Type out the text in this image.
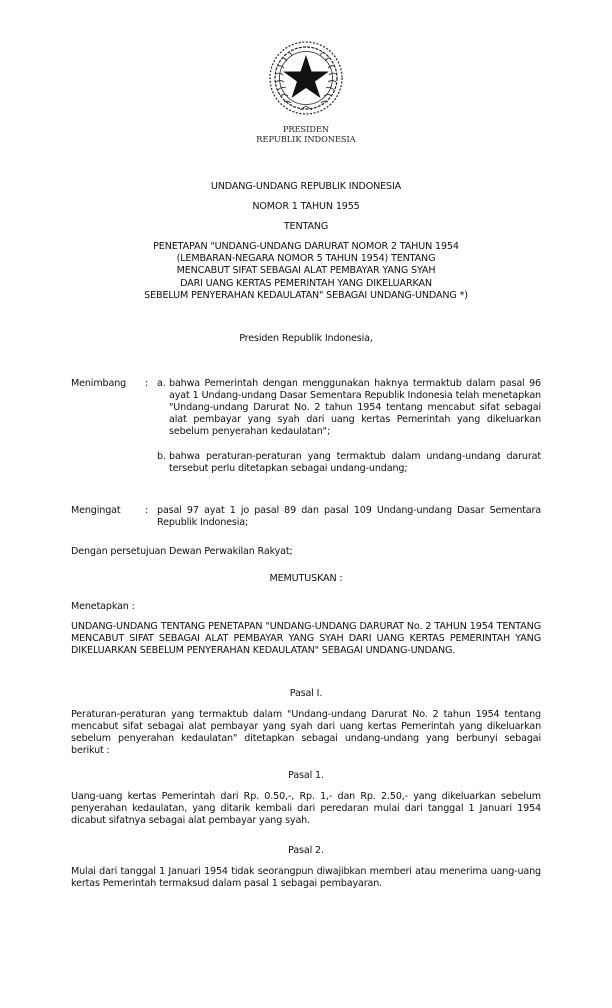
PRESIDEN
REPUBLIK INDONESIA
UNDANG-UNDANG REPUBLIK INDONESIA
NOMOR 1 TAHUN 1955
TENTANG
PENETAPAN "UNDANG-UNDANG DARURAT NOMOR 2 TAHUN 1954
(LEMBARAN-NEGARA NOMOR 5 TAHUN 1954) TENTANG
MENCABUT SIFAT SEBAGAI ALAT PEMBAYAR YANG SYAH
DARI UANG KERTAS PEMERINTAH YANG DIKELUARKAN
SEBELUM PENYERAHAN KEDAULATAN" SEBAGAI UNDANG-UNDANG *)
Presiden Republik Indonesia,
Menimbang : a. bahwa Pemerintah dengan menggunakan haknya termaktub dalam pasal 96 ayat 1 Undang-undang Dasar Sementara Republik Indonesia telah menetapkan "Undang-undang Darurat No. 2 tahun 1954 tentang mencabut sifat sebagai alat pembayar yang syah dari uang kertas Pemerintah yang dikeluarkan sebelum penyerahan kedaulatan";
b. bahwa peraturan-peraturan yang termaktub dalam undang-undang darurat tersebut perlu ditetapkan sebagai undang-undang;
Mengingat	: pasal 97 ayat 1 jo pasal 89 dan pasal 109 Undang-undang Dasar Sementara Republik Indonesia;
Dengan persetujuan Dewan Perwakilan Rakyat;
MEMUTUSKAN :
Menetapkan :
UNDANG-UNDANG TENTANG PENETAPAN "UNDANG-UNDANG DARURAT No. 2 TAHUN 1954 TENTANG MENCABUT SIFAT SEBAGAI ALAT PEMBAYAR YANG SYAH DARI UANG KERTAS PEMERINTAH YANG DIKELUARKAN SEBELUM PENYERAHAN KEDAULATAN" SEBAGAI UNDANG-UNDANG.
Pasal I.
Peraturan-peraturan yang termaktub dalam "Undang-undang Darurat No. 2 tahun 1954 tentang mencabut sifat sebagai alat pembayar yang syah dari uang kertas Pemerintah yang dikeluarkan sebelum penyerahan kedaulatan" ditetapkan sebagai undang-undang yang berbunyi sebagai berikut :
Pasal 1.
Uang-uang kertas Pemerintah dari Rp. 0.50,-, Rp. 1,- dan Rp. 2.50,- yang dikeluarkan sebelum penyerahan kedaulatan, yang ditarik kembali dari peredaran mulai dari tanggal 1 Januari 1954 dicabut sifatnya sebagai alat pembayar yang syah.
Pasal 2.
Mulai dari tanggal 1 Januari 1954 tidak seorangpun diwajibkan memberi atau menerima uang-uang kertas Pemerintah termaksud dalam pasal 1 sebagai pembayaran.
